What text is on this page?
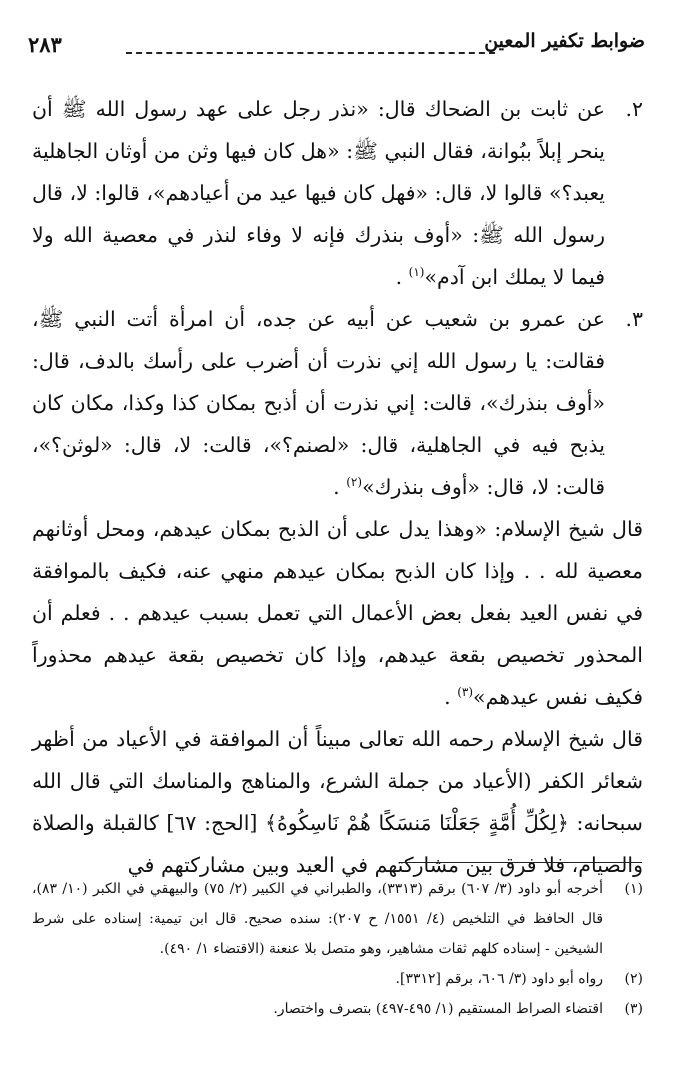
ضوابط تكفير المعين
٢٨٣
٢.
عن ثابت بن الضحاك قال: «نذر رجل على عهد رسول الله ﷺ أن ينحر إبلاً ببُوانة، فقال النبي ﷺ: «هل كان فيها وثن من أوثان الجاهلية يعبد؟» قالوا لا، قال: «فهل كان فيها عيد من أعيادهم»، قالوا: لا، قال رسول الله ﷺ: «أوف بنذرك فإنه لا وفاء لنذر في معصية الله ولا فيما لا يملك ابن آدم»$^{(١)}$ .
٣.
عن عمرو بن شعيب عن أبيه عن جده، أن امرأة أتت النبي ﷺ، فقالت: يا رسول الله إني نذرت أن أضرب على رأسك بالدف، قال: «أوف بنذرك»، قالت: إني نذرت أن أذبح بمكان كذا وكذا، مكان كان يذبح فيه في الجاهلية، قال: «لصنم؟»، قالت: لا، قال: «لوثن؟»، قالت: لا، قال: «أوف بنذرك»$^{(٢)}$ .
قال شيخ الإسلام: «وهذا يدل على أن الذبح بمكان عيدهم، ومحل أوثانهم معصية لله . . وإذا كان الذبح بمكان عيدهم منهي عنه، فكيف بالموافقة في نفس العيد بفعل بعض الأعمال التي تعمل بسبب عيدهم . . فعلم أن المحذور تخصيص بقعة عيدهم، وإذا كان تخصيص بقعة عيدهم محذوراً فكيف نفس عيدهم»$^{(٣)}$ .
قال شيخ الإسلام رحمه الله تعالى مبيناً أن الموافقة في الأعياد من أظهر شعائر الكفر (الأعياد من جملة الشرع، والمناهج والمناسك التي قال الله سبحانه: ﴿لِكُلِّ أُمَّةٍ جَعَلْنَا مَنسَكًا هُمْ نَاسِكُوهُ﴾ [الحج: ٦٧] كالقبلة والصلاة والصيام، فلا فرق بين مشاركتهم في العيد وبين مشاركتهم في
(١)
أخرجه أبو داود (٣/ ٦٠٧) برقم (٣٣١٣)، والطبراني في الكبير (٢/ ٧٥) والبيهقي في الكبر (١٠/ ٨٣)، قال الحافظ في التلخيص (٤/ ١٥٥١/ ح ٢٠٧): سنده صحيح. قال ابن تيمية: إسناده على شرط الشيخين - إسناده كلهم ثقات مشاهير، وهو متصل بلا عنعنة (الاقتضاء ١/ ٤٩٠).
(٢)
رواه أبو داود (٣/ ٦٠٦، برقم [٣٣١٢].
(٣)
اقتضاء الصراط المستقيم (١/ ٤٩٥-٤٩٧) بتصرف واختصار.
